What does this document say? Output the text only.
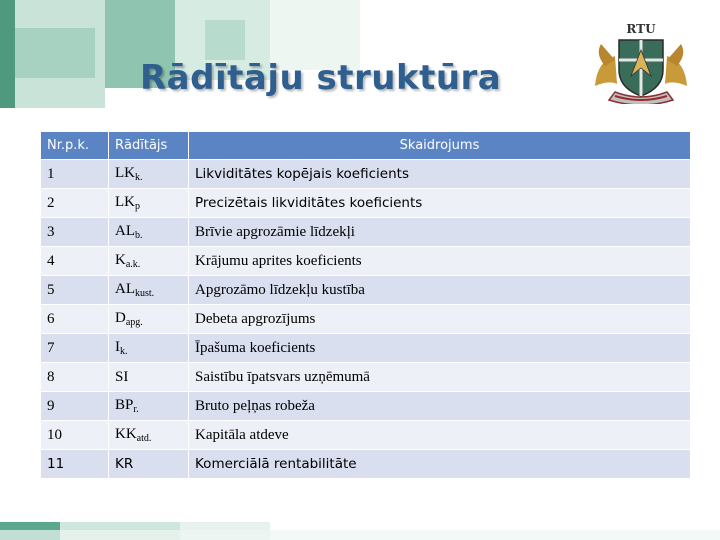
Rādītāju struktūra
RTU
Nr.p.k.	Rādītājs	Skaidrojums
1	$LK_{k.}$	Likviditātes kopējais koeficients
2	$LK_p$	Precizētais likviditātes koeficients
3	$AL_{b.}$	Brīvie apgrozāmie līdzekļi
4	$K_{a.k.}$	Krājumu aprites koeficients
5	$AL_{kust.}$	Apgrozāmo līdzekļu kustība
6	$D_{apg.}$	Debeta apgrozījums
7	$I_{k.}$	Īpašuma koeficients
8	SI	Saistību īpatsvars uzņēmumā
9	$BP_{r.}$	Bruto peļņas robeža
10	$KK_{atd.}$	Kapitāla atdeve
11	KR	Komerciālā rentabilitāte
